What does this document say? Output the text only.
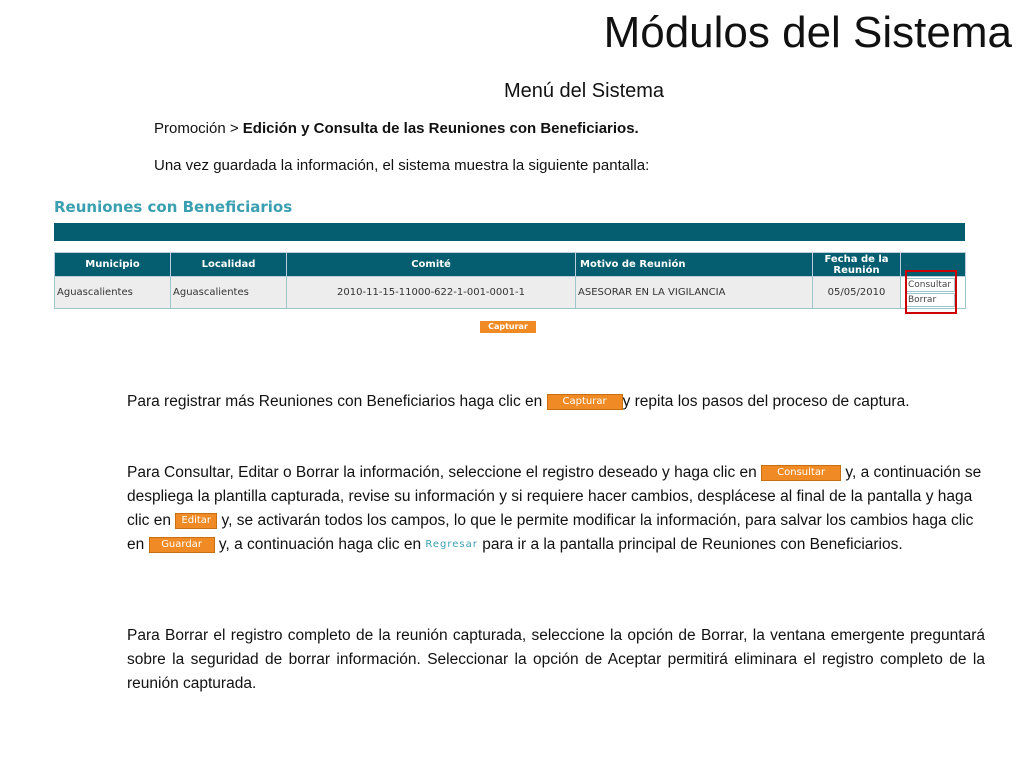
Módulos del Sistema
Menú del Sistema
Promoción > Edición y Consulta de las Reuniones con Beneficiarios.
Una vez guardada la información, el sistema muestra la siguiente pantalla:
Reuniones con Beneficiarios
Municipio	Localidad	Comité	Motivo de Reunión	Fecha de la Reunión	
Aguascalientes	Aguascalientes	2010-11-15-11000-622-1-001-0001-1	ASESORAR EN LA VIGILANCIA	05/05/2010	Consultar
Borrar
Capturar
Para registrar más Reuniones con Beneficiarios haga clic en Capturar y repita los pasos del proceso de captura.
Para Consultar, Editar o Borrar la información, seleccione el registro deseado y haga clic en Consultar y, a continuación se despliega la plantilla capturada, revise su información y si requiere hacer cambios, desplácese al final de la pantalla y haga clic en Editar y, se activarán todos los campos, lo que le permite modificar la información, para salvar los cambios haga clic en Guardar y, a continuación haga clic en Regresar para ir a la pantalla principal de Reuniones con Beneficiarios.
Para Borrar el registro completo de la reunión capturada, seleccione la opción de Borrar, la ventana emergente preguntará sobre la seguridad de borrar información. Seleccionar la opción de Aceptar permitirá eliminara el registro completo de la reunión capturada.
